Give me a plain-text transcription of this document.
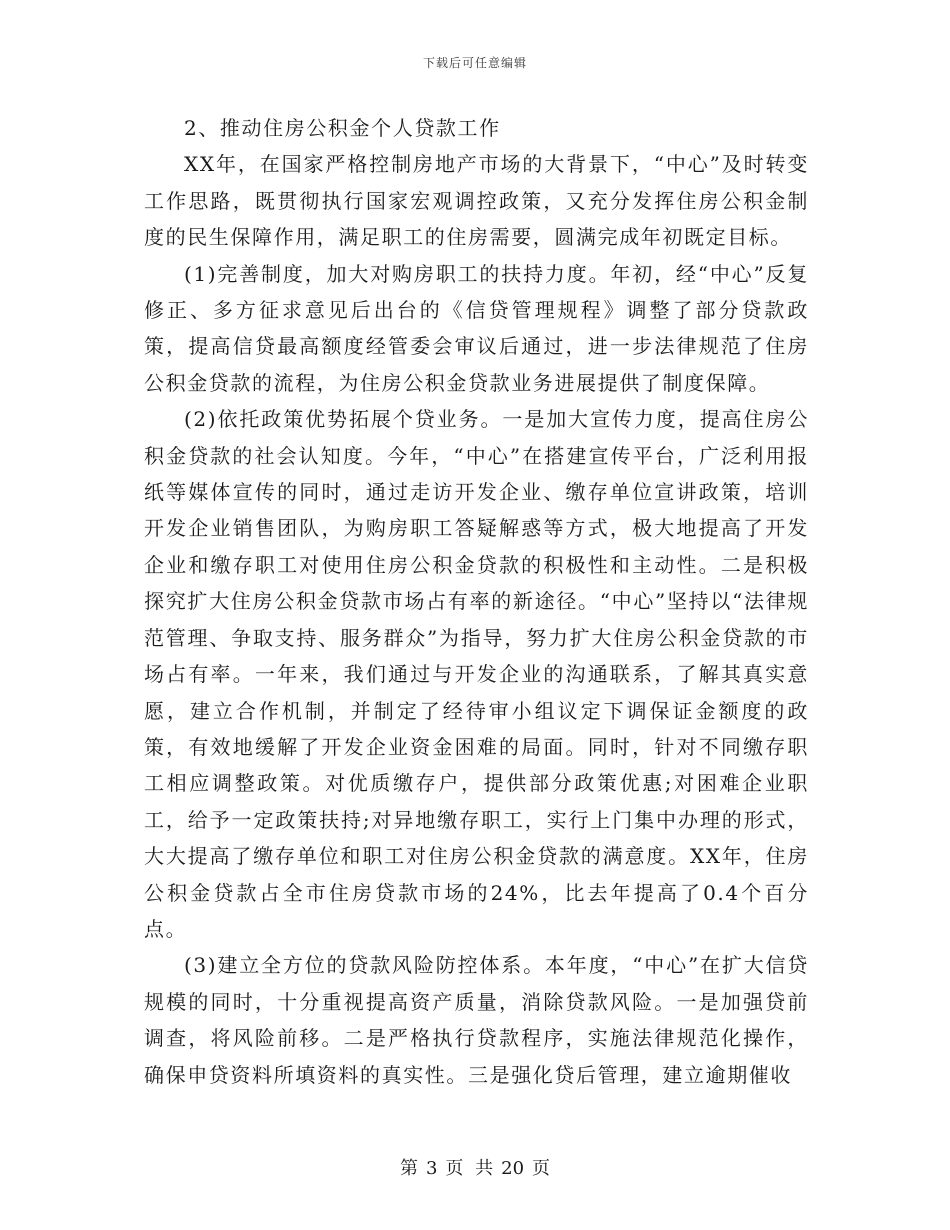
下载后可任意编辑

2、推动住房公积金个人贷款工作

XX年，在国家严格控制房地产市场的大背景下，“中心”及时转变工作思路，既贯彻执行国家宏观调控政策，又充分发挥住房公积金制度的民生保障作用，满足职工的住房需要，圆满完成年初既定目标。

(1)完善制度，加大对购房职工的扶持力度。年初，经“中心”反复修正、多方征求意见后出台的《信贷管理规程》调整了部分贷款政策，提高信贷最高额度经管委会审议后通过，进一步法律规范了住房公积金贷款的流程，为住房公积金贷款业务进展提供了制度保障。

(2)依托政策优势拓展个贷业务。一是加大宣传力度，提高住房公积金贷款的社会认知度。今年，“中心”在搭建宣传平台，广泛利用报纸等媒体宣传的同时，通过走访开发企业、缴存单位宣讲政策，培训开发企业销售团队，为购房职工答疑解惑等方式，极大地提高了开发企业和缴存职工对使用住房公积金贷款的积极性和主动性。二是积极探究扩大住房公积金贷款市场占有率的新途径。“中心”坚持以“法律规范管理、争取支持、服务群众”为指导，努力扩大住房公积金贷款的市场占有率。一年来，我们通过与开发企业的沟通联系，了解其真实意愿，建立合作机制，并制定了经待审小组议定下调保证金额度的政策，有效地缓解了开发企业资金困难的局面。同时，针对不同缴存职工相应调整政策。对优质缴存户，提供部分政策优惠;对困难企业职工，给予一定政策扶持;对异地缴存职工，实行上门集中办理的形式，大大提高了缴存单位和职工对住房公积金贷款的满意度。XX年，住房公积金贷款占全市住房贷款市场的24%，比去年提高了0.4个百分点。

(3)建立全方位的贷款风险防控体系。本年度，“中心”在扩大信贷规模的同时，十分重视提高资产质量，消除贷款风险。一是加强贷前调查，将风险前移。二是严格执行贷款程序，实施法律规范化操作，确保申贷资料所填资料的真实性。三是强化贷后管理，建立逾期催收

第 3 页 共 20 页
